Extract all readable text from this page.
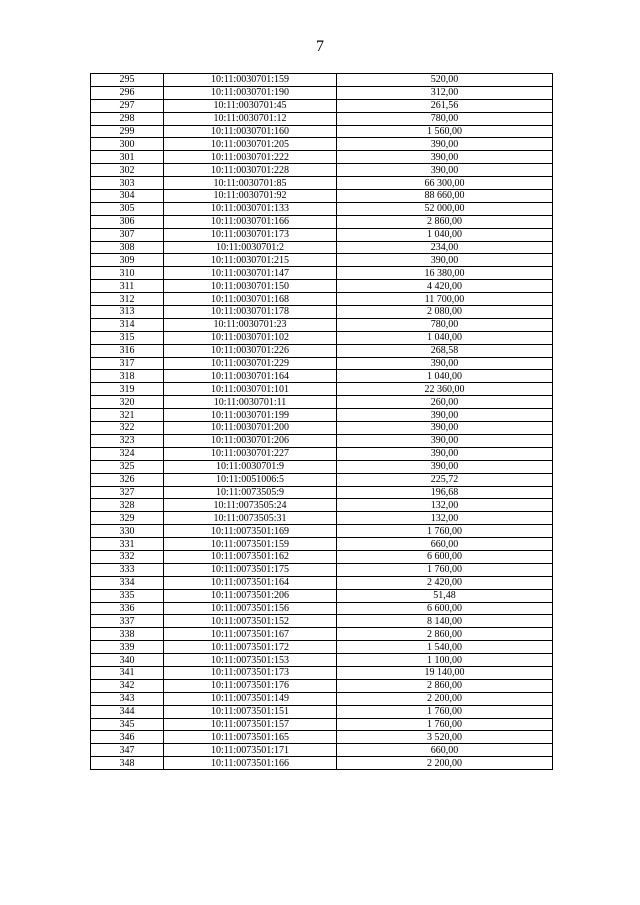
7
295	10:11:0030701:159	520,00
296	10:11:0030701:190	312,00
297	10:11:0030701:45	261,56
298	10:11:0030701:12	780,00
299	10:11:0030701:160	1 560,00
300	10:11:0030701:205	390,00
301	10:11:0030701:222	390,00
302	10:11:0030701:228	390,00
303	10:11:0030701:85	66 300,00
304	10:11:0030701:92	88 660,00
305	10:11:0030701:133	52 000,00
306	10:11:0030701:166	2 860,00
307	10:11:0030701:173	1 040,00
308	10:11:0030701:2	234,00
309	10:11:0030701:215	390,00
310	10:11:0030701:147	16 380,00
311	10:11:0030701:150	4 420,00
312	10:11:0030701:168	11 700,00
313	10:11:0030701:178	2 080,00
314	10:11:0030701:23	780,00
315	10:11:0030701:102	1 040,00
316	10:11:0030701:226	268,58
317	10:11:0030701:229	390,00
318	10:11:0030701:164	1 040,00
319	10:11:0030701:101	22 360,00
320	10:11:0030701:11	260,00
321	10:11:0030701:199	390,00
322	10:11:0030701:200	390,00
323	10:11:0030701:206	390,00
324	10:11:0030701:227	390,00
325	10:11:0030701:9	390,00
326	10:11:0051006:5	225,72
327	10:11:0073505:9	196,68
328	10:11:0073505:24	132,00
329	10:11:0073505:31	132,00
330	10:11:0073501:169	1 760,00
331	10:11:0073501:159	660,00
332	10:11:0073501:162	6 600,00
333	10:11:0073501:175	1 760,00
334	10:11:0073501:164	2 420,00
335	10:11:0073501:206	51,48
336	10:11:0073501:156	6 600,00
337	10:11:0073501:152	8 140,00
338	10:11:0073501:167	2 860,00
339	10:11:0073501:172	1 540,00
340	10:11:0073501:153	1 100,00
341	10:11:0073501:173	19 140,00
342	10:11:0073501:176	2 860,00
343	10:11:0073501:149	2 200,00
344	10:11:0073501:151	1 760,00
345	10:11:0073501:157	1 760,00
346	10:11:0073501:165	3 520,00
347	10:11:0073501:171	660,00
348	10:11:0073501:166	2 200,00
